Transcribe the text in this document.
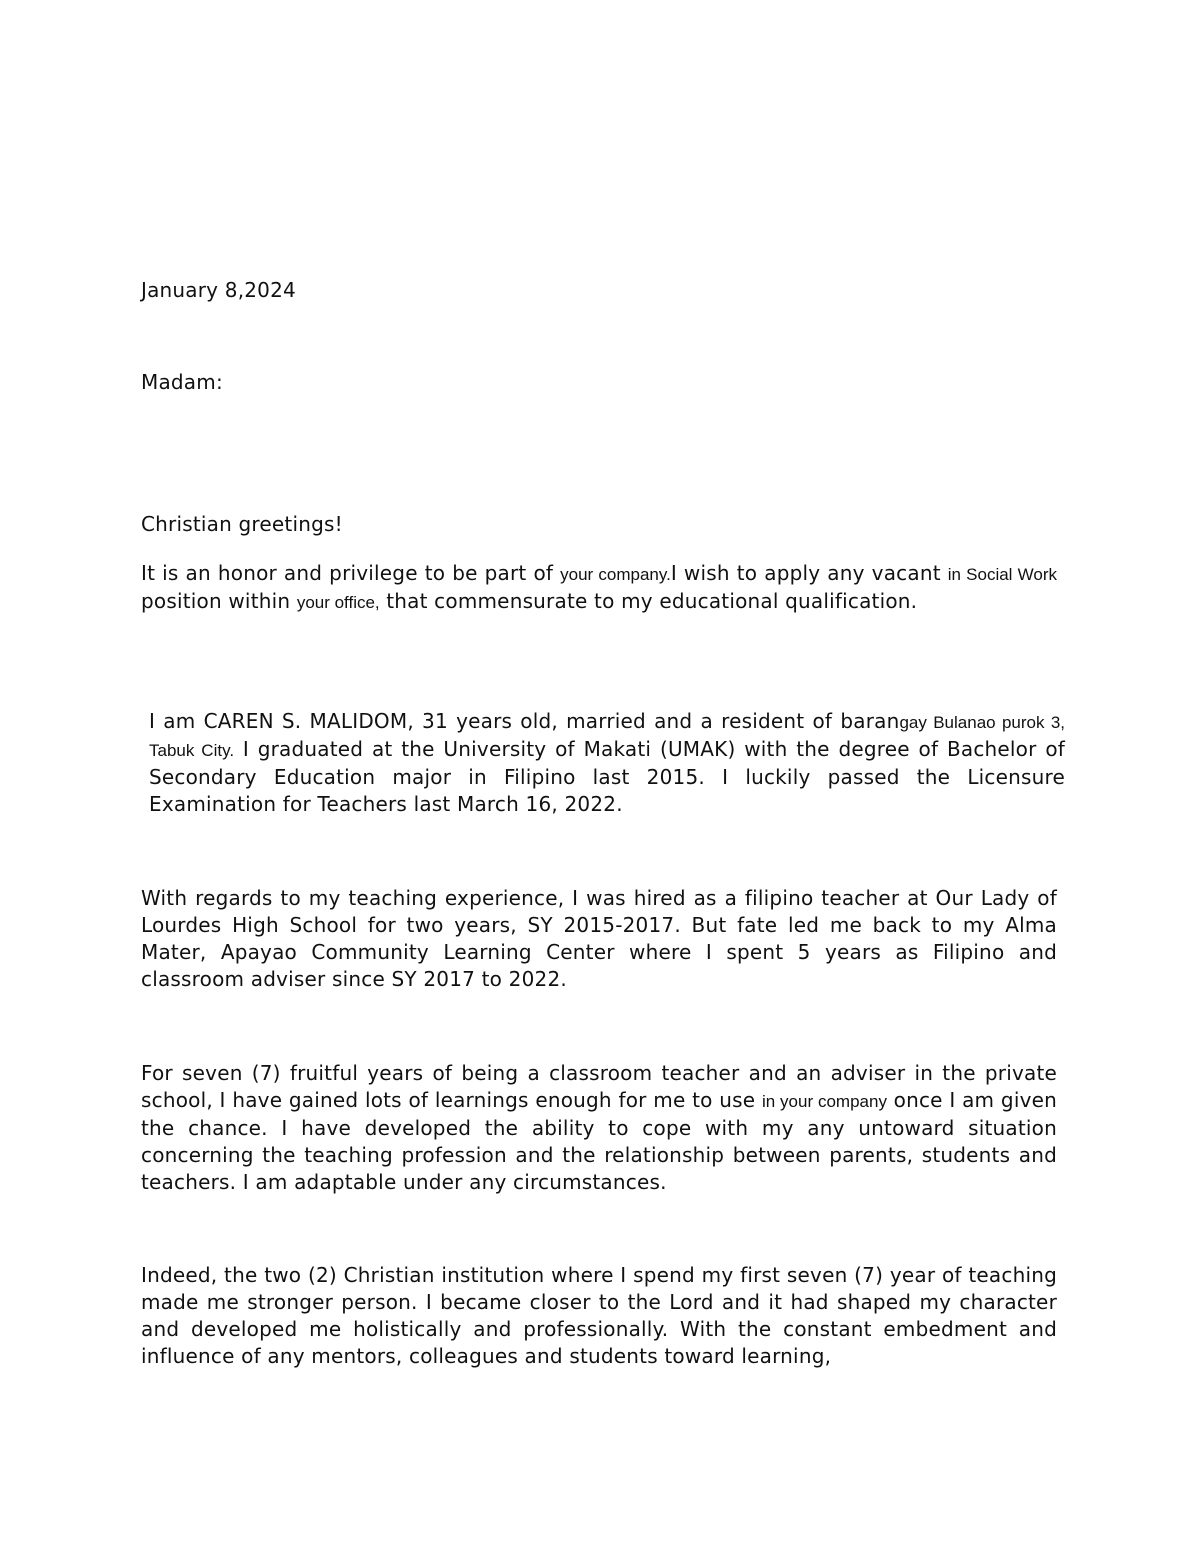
January 8,2024
Madam:
Christian greetings!
It is an honor and privilege to be part of your company.I wish to apply any vacant in Social Work position within your office, that commensurate to my educational qualification.
I am CAREN S. MALIDOM, 31 years old, married and a resident of barangay Bulanao purok 3, Tabuk City. I graduated at the University of Makati (UMAK) with the degree of Bachelor of Secondary Education major in Filipino last 2015. I luckily passed the Licensure Examination for Teachers last March 16, 2022.
With regards to my teaching experience, I was hired as a filipino teacher at Our Lady of Lourdes High School for two years, SY 2015-2017. But fate led me back to my Alma Mater, Apayao Community Learning Center where I spent 5 years as Filipino and classroom adviser since SY 2017 to 2022.
For seven (7) fruitful years of being a classroom teacher and an adviser in the private school, I have gained lots of learnings enough for me to use in your company once I am given the chance. I have developed the ability to cope with my any untoward situation concerning the teaching profession and the relationship between parents, students and teachers. I am adaptable under any circumstances.
Indeed, the two (2) Christian institution where I spend my first seven (7) year of teaching made me stronger person. I became closer to the Lord and it had shaped my character and developed me holistically and professionally. With the constant embedment and influence of any mentors, colleagues and students toward learning,
